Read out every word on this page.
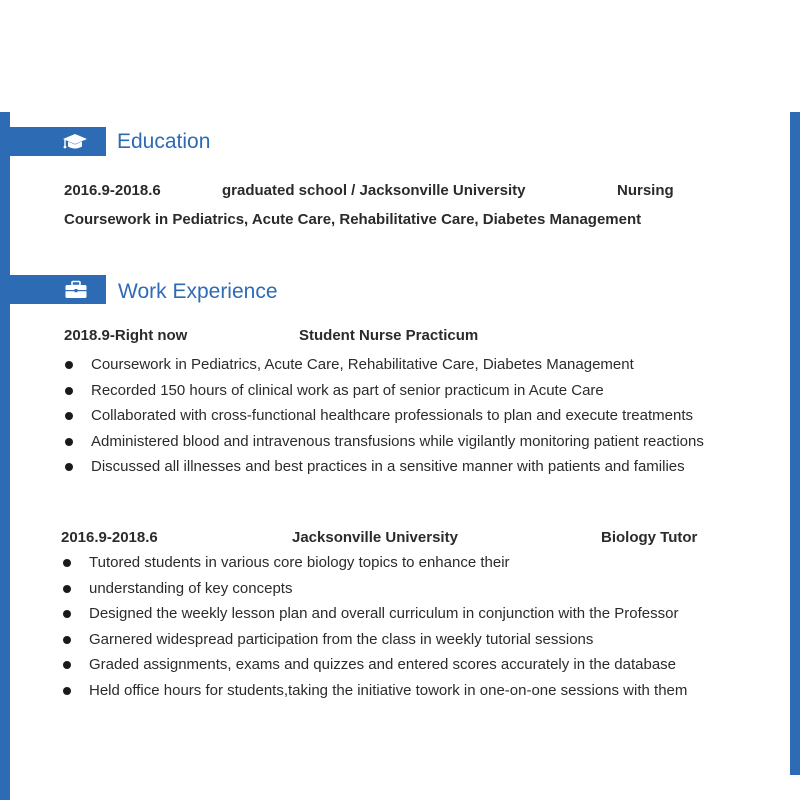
Education
2016.9-2018.6	graduated school / Jacksonville University	Nursing
Coursework in Pediatrics, Acute Care, Rehabilitative Care, Diabetes Management
Work Experience
2018.9-Right now	Student Nurse Practicum
Coursework in Pediatrics, Acute Care, Rehabilitative Care, Diabetes Management
Recorded 150 hours of clinical work as part of senior practicum in Acute Care
Collaborated with cross-functional healthcare professionals to plan and execute treatments
Administered blood and intravenous transfusions while vigilantly monitoring patient reactions
Discussed all illnesses and best practices in a sensitive manner with patients and families
2016.9-2018.6	Jacksonville University	Biology Tutor
Tutored students in various core biology topics to enhance their
understanding of key concepts
Designed the weekly lesson plan and overall curriculum in conjunction with the Professor
Garnered widespread participation from the class in weekly tutorial sessions
Graded assignments, exams and quizzes and entered scores accurately in the database
Held office hours for students,taking the initiative towork in one-on-one sessions with them
